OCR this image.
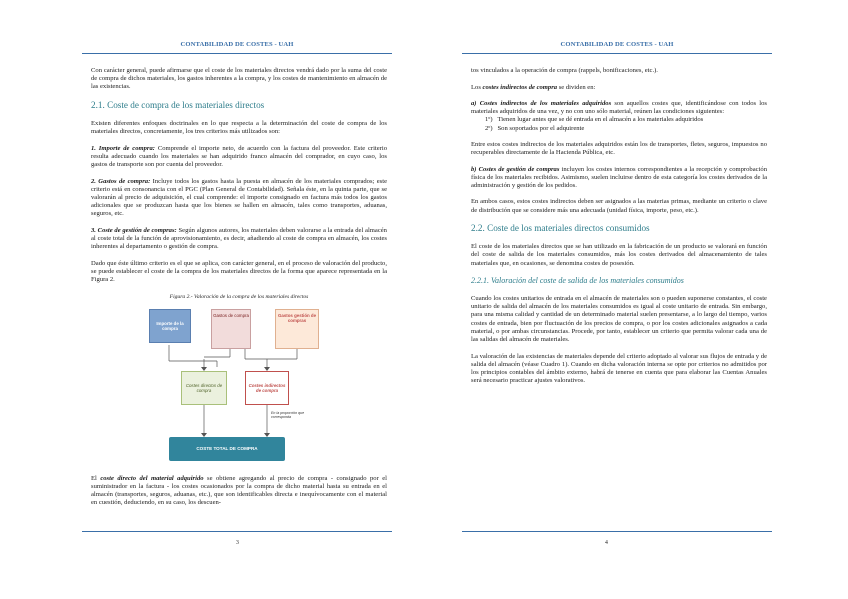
CONTABILIDAD DE COSTES - UAH

Con carácter general, puede afirmarse que el coste de los materiales directos vendrá dado por la suma del coste de compra de dichos materiales, los gastos inherentes a la compra, y los costes de mantenimiento en almacén de las existencias.

2.1. Coste de compra de los materiales directos

Existen diferentes enfoques doctrinales en lo que respecta a la determinación del coste de compra de los materiales directos, concretamente, los tres criterios más utilizados son:

1. Importe de compra: Comprende el importe neto, de acuerdo con la factura del proveedor. Este criterio resulta adecuado cuando los materiales se han adquirido franco almacén del comprador, en cuyo caso, los gastos de transporte son por cuenta del proveedor.

2. Gastos de compra: Incluye todos los gastos hasta la puesta en almacén de los materiales comprados; este criterio está en consonancia con el PGC (Plan General de Contabilidad). Señala éste, en la quinta parte, que se valorarán al precio de adquisición, el cual comprende: el importe consignado en factura más todos los gastos adicionales que se produzcan hasta que los bienes se hallen en almacén, tales como transportes, aduanas, seguros, etc.

3. Coste de gestión de compras: Según algunos autores, los materiales deben valorarse a la entrada del almacén al coste total de la función de aprovisionamiento, es decir, añadiendo al coste de compra en almacén, los costes inherentes al departamento o gestión de compra.

Dado que éste último criterio es el que se aplica, con carácter general, en el proceso de valoración del producto, se puede establecer el coste de la compra de los materiales directos de la forma que aparece representada en la Figura 2.

Figura 2.- Valoración de la compra de los materiales directos
Importe de la compra
Gastos de compra	Gastos gestión de compras
Costes directos de compra
Costes indirectos de compra
En la proporción que corresponda
COSTE TOTAL DE COMPRA

El coste directo del material adquirido se obtiene agregando al precio de compra - consignado por el suministrador en la factura - los costes ocasionados por la compra de dicho material hasta su entrada en el almacén (transportes, seguros, aduanas, etc.), que son identificables directa e inequívocamente con el material en cuestión, deduciendo, en su caso, los descuen-

3
CONTABILIDAD DE COSTES - UAH

tos vinculados a la operación de compra (rappels, bonificaciones, etc.).

Los costes indirectos de compra se dividen en:

a) Costes indirectos de los materiales adquiridos son aquellos costes que, identificándose con todos los materiales adquiridos de una vez, y no con uno sólo material, reúnen las condiciones siguientes:

1º) Tienen lugar antes que se dé entrada en el almacén a los materiales adquiridos
2º) Son soportados por el adquirente

Entre estos costes indirectos de los materiales adquiridos están los de transportes, fletes, seguros, impuestos no recuperables directamente de la Hacienda Pública, etc.

b) Costes de gestión de compras incluyen los costes internos correspondientes a la recepción y comprobación física de los materiales recibidos. Asimismo, suelen incluirse dentro de esta categoría los costes derivados de la administración y gestión de los pedidos.

En ambos casos, estos costes indirectos deben ser asignados a las materias primas, mediante un criterio o clave de distribución que se considere más una adecuada (unidad física, importe, peso, etc.).

2.2. Coste de los materiales directos consumidos

El coste de los materiales directos que se han utilizado en la fabricación de un producto se valorará en función del coste de salida de los materiales consumidos, más los costes derivados del almacenamiento de tales materiales que, en ocasiones, se denomina costes de posesión.

2.2.1. Valoración del coste de salida de los materiales consumidos

Cuando los costes unitarios de entrada en el almacén de materiales son o pueden suponerse constantes, el coste unitario de salida del almacén de los materiales consumidos es igual al coste unitario de entrada. Sin embargo, para una misma calidad y cantidad de un determinado material suelen presentarse, a lo largo del tiempo, varios costes de entrada, bien por fluctuación de los precios de compra, o por los costes adicionales asignados a cada material, o por ambas circunstancias. Procede, por tanto, establecer un criterio que permita valorar cada una de las salidas del almacén de materiales.

La valoración de las existencias de materiales depende del criterio adoptado al valorar sus flujos de entrada y de salida del almacén (véase Cuadro 1). Cuando en dicha valoración interna se opte por criterios no admitidos por los principios contables del ámbito externo, habrá de tenerse en cuenta que para elaborar las Cuentas Anuales será necesario practicar ajustes valorativos.

4
